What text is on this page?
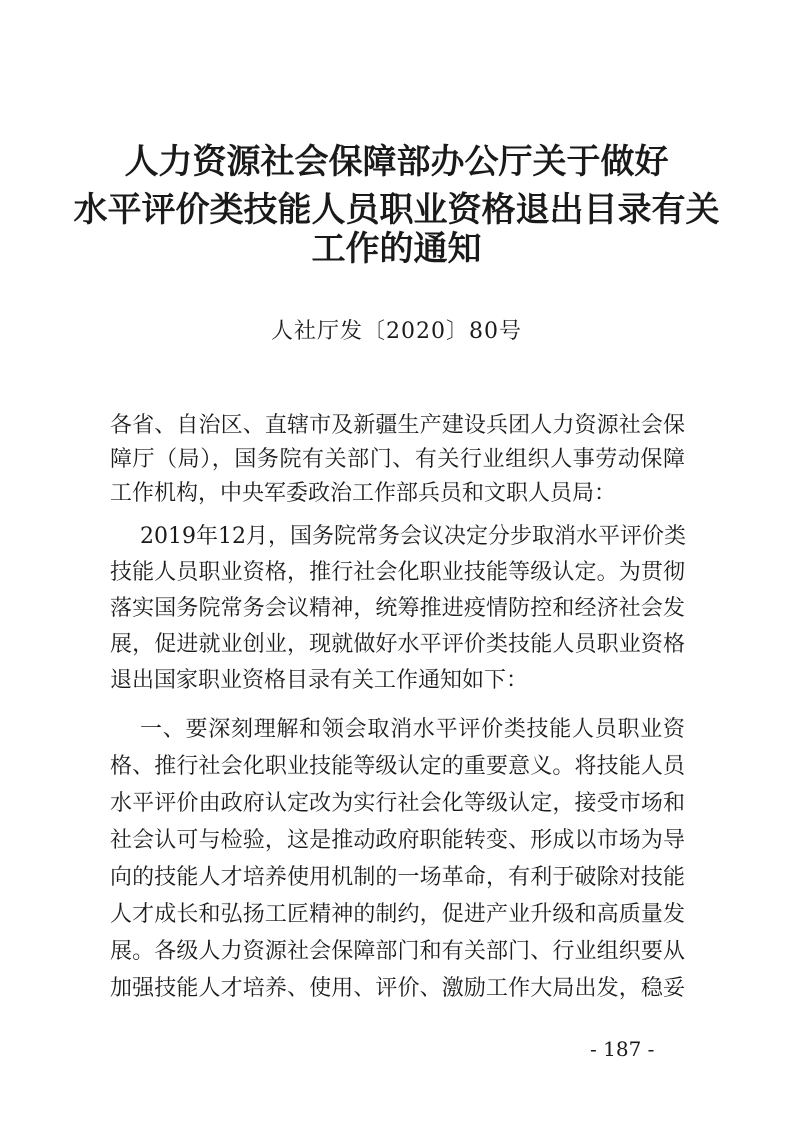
人力资源社会保障部办公厅关于做好
水平评价类技能人员职业资格退出目录有关
工作的通知
人社厅发〔2020〕80号
各省、自治区、直辖市及新疆生产建设兵团人力资源社会保
障厅（局），国务院有关部门、有关行业组织人事劳动保障
工作机构，中央军委政治工作部兵员和文职人员局：
2019年12月，国务院常务会议决定分步取消水平评价类
技能人员职业资格，推行社会化职业技能等级认定。为贯彻
落实国务院常务会议精神，统筹推进疫情防控和经济社会发
展，促进就业创业，现就做好水平评价类技能人员职业资格
退出国家职业资格目录有关工作通知如下：
一、要深刻理解和领会取消水平评价类技能人员职业资
格、推行社会化职业技能等级认定的重要意义。将技能人员
水平评价由政府认定改为实行社会化等级认定，接受市场和
社会认可与检验，这是推动政府职能转变、形成以市场为导
向的技能人才培养使用机制的一场革命，有利于破除对技能
人才成长和弘扬工匠精神的制约，促进产业升级和高质量发
展。各级人力资源社会保障部门和有关部门、行业组织要从
加强技能人才培养、使用、评价、激励工作大局出发，稳妥
- 187 -
